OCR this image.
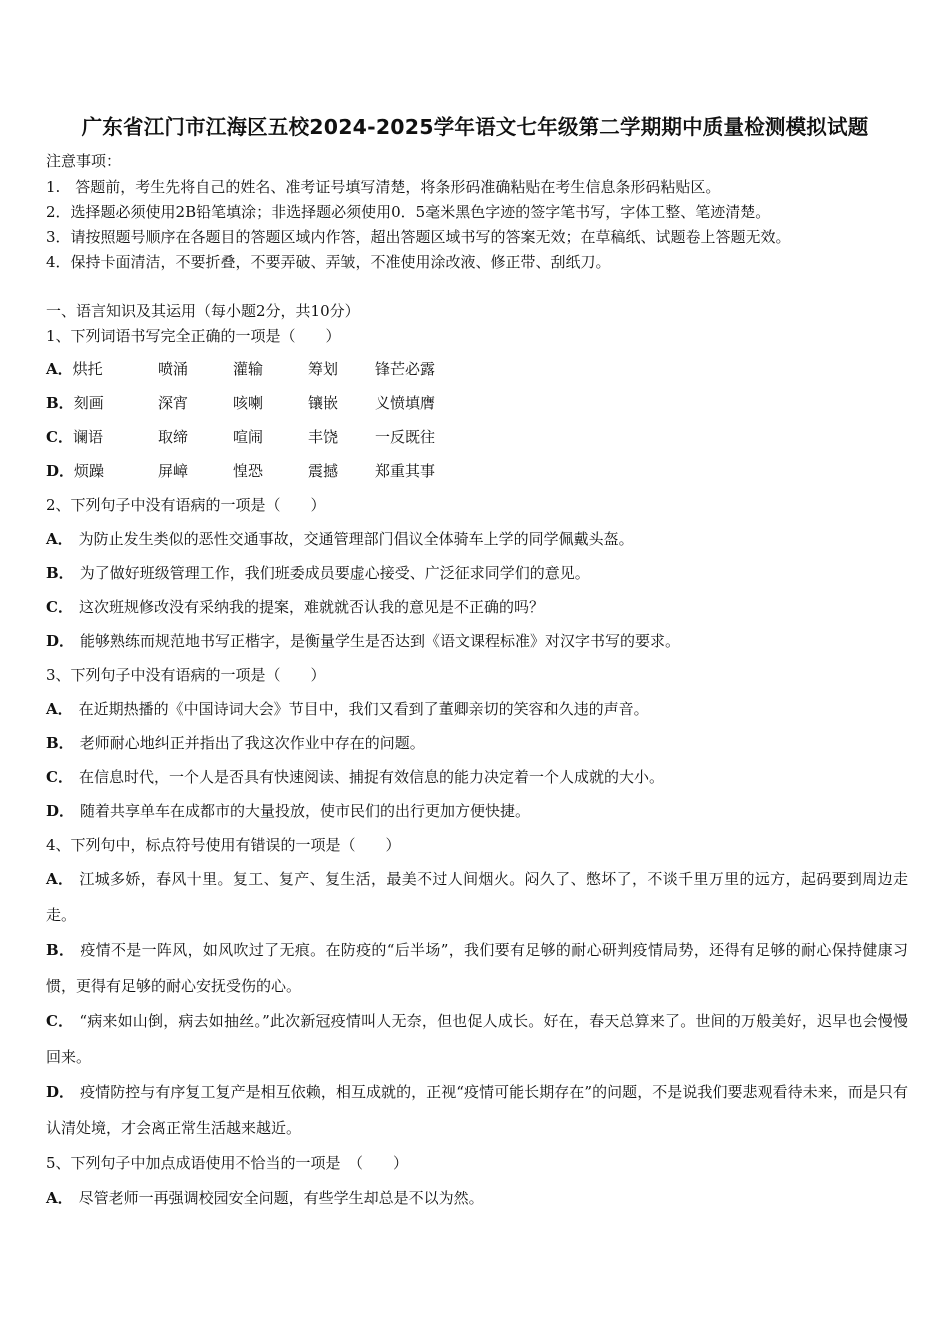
广东省江门市江海区五校2024-2025学年语文七年级第二学期期中质量检测模拟试题
注意事项：
1.　答题前，考生先将自己的姓名、准考证号填写清楚，将条形码准确粘贴在考生信息条形码粘贴区。
2．选择题必须使用2B铅笔填涂；非选择题必须使用0．5毫米黑色字迹的签字笔书写，字体工整、笔迹清楚。
3．请按照题号顺序在各题目的答题区域内作答，超出答题区域书写的答案无效；在草稿纸、试题卷上答题无效。
4．保持卡面清洁，不要折叠，不要弄破、弄皱，不准使用涂改液、修正带、刮纸刀。
一、语言知识及其运用（每小题2分，共10分）
1、下列词语书写完全正确的一项是（　　）
A．烘托	喷涌	灌输	筹划 锋芒必露
B．刻画	深宵	咳喇	镶嵌 义愤填膺
C．谰语	取缔	喧闹	丰饶 一反既往
D．烦躁	屏嶂	惶恐	震撼 郑重其事
2、下列句子中没有语病的一项是（　　）
A． 为防止发生类似的恶性交通事故，交通管理部门倡议全体骑车上学的同学佩戴头盔。
B． 为了做好班级管理工作，我们班委成员要虚心接受、广泛征求同学们的意见。
C． 这次班规修改没有采纳我的提案，难就就否认我的意见是不正确的吗？
D． 能够熟练而规范地书写正楷字，是衡量学生是否达到《语文课程标准》对汉字书写的要求。
3、下列句子中没有语病的一项是（　　）
A． 在近期热播的《中国诗词大会》节目中，我们又看到了董卿亲切的笑容和久违的声音。
B． 老师耐心地纠正并指出了我这次作业中存在的问题。
C． 在信息时代，一个人是否具有快速阅读、捕捉有效信息的能力决定着一个人成就的大小。
D． 随着共享单车在成都市的大量投放，使市民们的出行更加方便快捷。
4、下列句中，标点符号使用有错误的一项是（　　）
A． 江城多娇，春风十里。复工、复产、复生活，最美不过人间烟火。闷久了、憋坏了，不谈千里万里的远方，起码要到周边走走。
B． 疫情不是一阵风，如风吹过了无痕。在防疫的“后半场”，我们要有足够的耐心研判疫情局势，还得有足够的耐心保持健康习惯，更得有足够的耐心安抚受伤的心。
C． “病来如山倒，病去如抽丝。”此次新冠疫情叫人无奈，但也促人成长。好在，春天总算来了。世间的万般美好，迟早也会慢慢回来。
D． 疫情防控与有序复工复产是相互依赖，相互成就的，正视“疫情可能长期存在”的问题，不是说我们要悲观看待未来，而是只有认清处境，才会离正常生活越来越近。
5、下列句子中加点成语使用不恰当的一项是　（　　）
A． 尽管老师一再强调校园安全问题，有些学生却总是不以为然。
